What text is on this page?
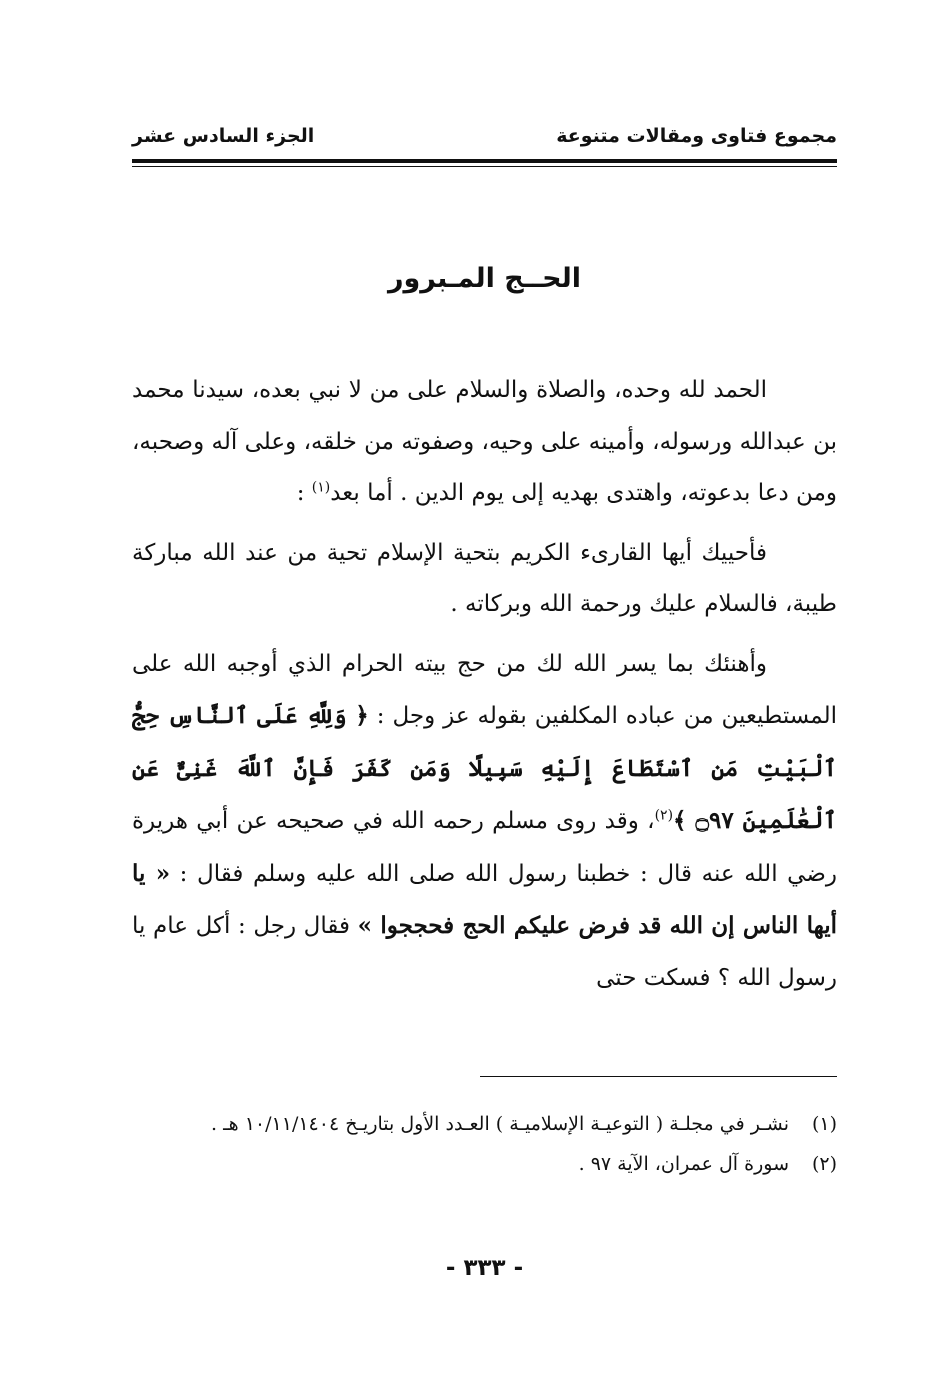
مجموع فتاوى ومقالات متنوعة
الجزء السادس عشر
الحــج المـبرور

الحمد لله وحده، والصلاة والسلام على من لا نبي بعده، سيدنا محمد بن عبدالله ورسوله، وأمينه على وحيه، وصفوته من خلقه، وعلى آله وصحبه، ومن دعا بدعوته، واهتدى بهديه إلى يوم الدين . أما بعد$^{(١)}$ :

فأحييك أيها القارىء الكريم بتحية الإسلام تحية من عند الله مباركة طيبة، فالسلام عليك ورحمة الله وبركاته .

وأهنئك بما يسر الله لك من حج بيته الحرام الذي أوجبه الله على المستطيعين من عباده المكلفين بقوله عز وجل : ﴿ وَلِلَّهِ عَلَى ٱلنَّاسِ حِجُّ ٱلْبَيْتِ مَنِ ٱسْتَطَاعَ إِلَيْهِ سَبِيلًا وَمَن كَفَرَ فَإِنَّ ٱللَّهَ غَنِىٌّ عَنِ ٱلْعَٰلَمِينَ ۝٩٧ ﴾$^{(٢)}$، وقد روى مسلم رحمه الله في صحيحه عن أبي هريرة رضي الله عنه قال : خطبنا رسول الله صلى الله عليه وسلم فقال : « يا أيها الناس إن الله قد فرض عليكم الحج فحججوا » فقال رجل : أكل عام يا رسول الله ؟ فسكت حتى

(١)
نشـر في مجلـة ( التوعيـة الإسلاميـة ) العـدد الأول بتاريـخ ١٠/١١/١٤٠٤ هـ .
(٢)
سورة آل عمران، الآية ٩٧ .
- ٣٣٣ -
